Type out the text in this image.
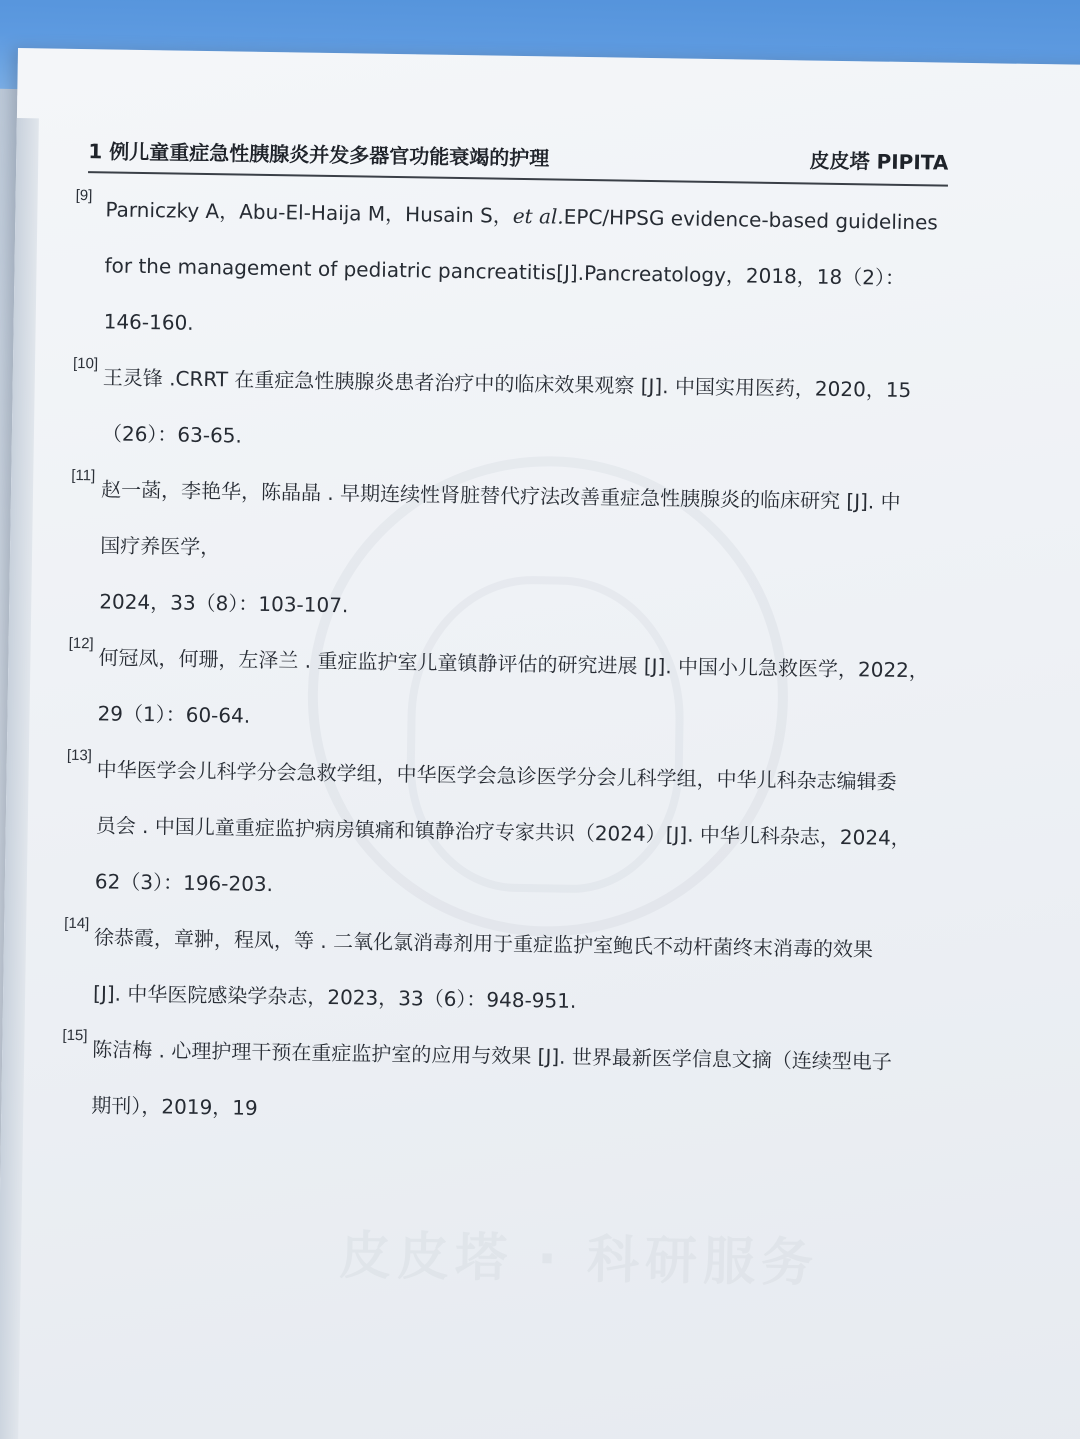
皮皮塔 · 科研服务
1 例儿童重症急性胰腺炎并发多器官功能衰竭的护理	皮皮塔 PIPITA
[9]
Parniczky A，Abu-El-Haija M，Husain S，et al.EPC/HPSG evidence-based guidelines
for the management of pediatric pancreatitis[J].Pancreatology，2018，18（2）：
146-160.
[10]
王灵锋 .CRRT 在重症急性胰腺炎患者治疗中的临床效果观察 [J]. 中国实用医药，2020，15
（26）：63-65.
[11]
赵一菡，李艳华，陈晶晶 . 早期连续性肾脏替代疗法改善重症急性胰腺炎的临床研究 [J]. 中
国疗养医学，
2024，33（8）：103-107.
[12]
何冠凤，何珊，左泽兰 . 重症监护室儿童镇静评估的研究进展 [J]. 中国小儿急救医学，2022，
29（1）：60-64.
[13]
中华医学会儿科学分会急救学组，中华医学会急诊医学分会儿科学组，中华儿科杂志编辑委
员会 . 中国儿童重症监护病房镇痛和镇静治疗专家共识（2024）[J]. 中华儿科杂志，2024，
62（3）：196-203.
[14]
徐恭霞，章翀，程凤，等 . 二氧化氯消毒剂用于重症监护室鲍氏不动杆菌终末消毒的效果
[J]. 中华医院感染学杂志，2023，33（6）：948-951.
[15]
陈洁梅 . 心理护理干预在重症监护室的应用与效果 [J]. 世界最新医学信息文摘（连续型电子
期刊），2019，19
